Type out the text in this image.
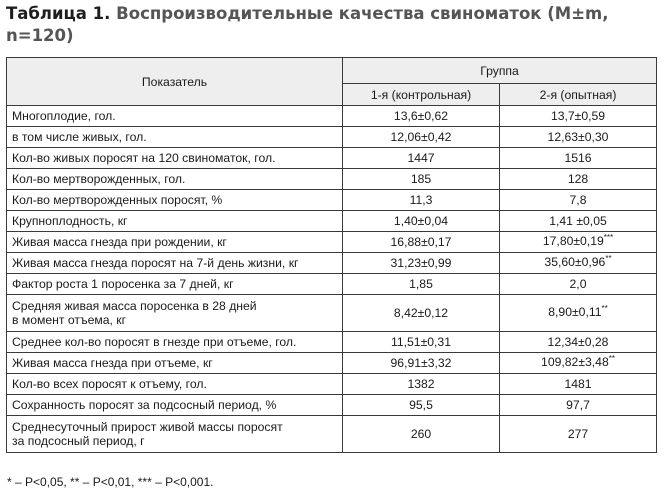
Таблица 1. Воспроизводительные качества свиноматок (M±m, n=120)
Показатель	Группа	
	1-я (контрольная)	2-я (опытная)
Многоплодие, гол.	13,6±0,62	13,7±0,59
в том числе живых, гол.	12,06±0,42	12,63±0,30
Кол-во живых поросят на 120 свиноматок, гол.	1447	1516
Кол-во мертворожденных, гол.	185	128
Кол-во мертворожденных поросят, %	11,3	7,8
Крупноплодность, кг	1,40±0,04	1,41 ±0,05
Живая масса гнезда при рождении, кг	16,88±0,17	17,80±0,19***
Живая масса гнезда поросят на 7-й день жизни, кг	31,23±0,99	35,60±0,96**
Фактор роста 1 поросенка за 7 дней, кг	1,85	2,0
Средняя живая масса поросенка в 28 дней
в момент отъема, кг	8,42±0,12	8,90±0,11**
Среднее кол-во поросят в гнезде при отъеме, гол.	11,51±0,31	12,34±0,28
Живая масса гнезда при отъеме, кг	96,91±3,32	109,82±3,48**
Кол-во всех поросят к отъему, гол.	1382	1481
Сохранность поросят за подсосный период, %	95,5	97,7
Среднесуточный прирост живой массы поросят
за подсосный период, г	260	277
* – P<0,05, ** – P<0,01, *** – P<0,001.
